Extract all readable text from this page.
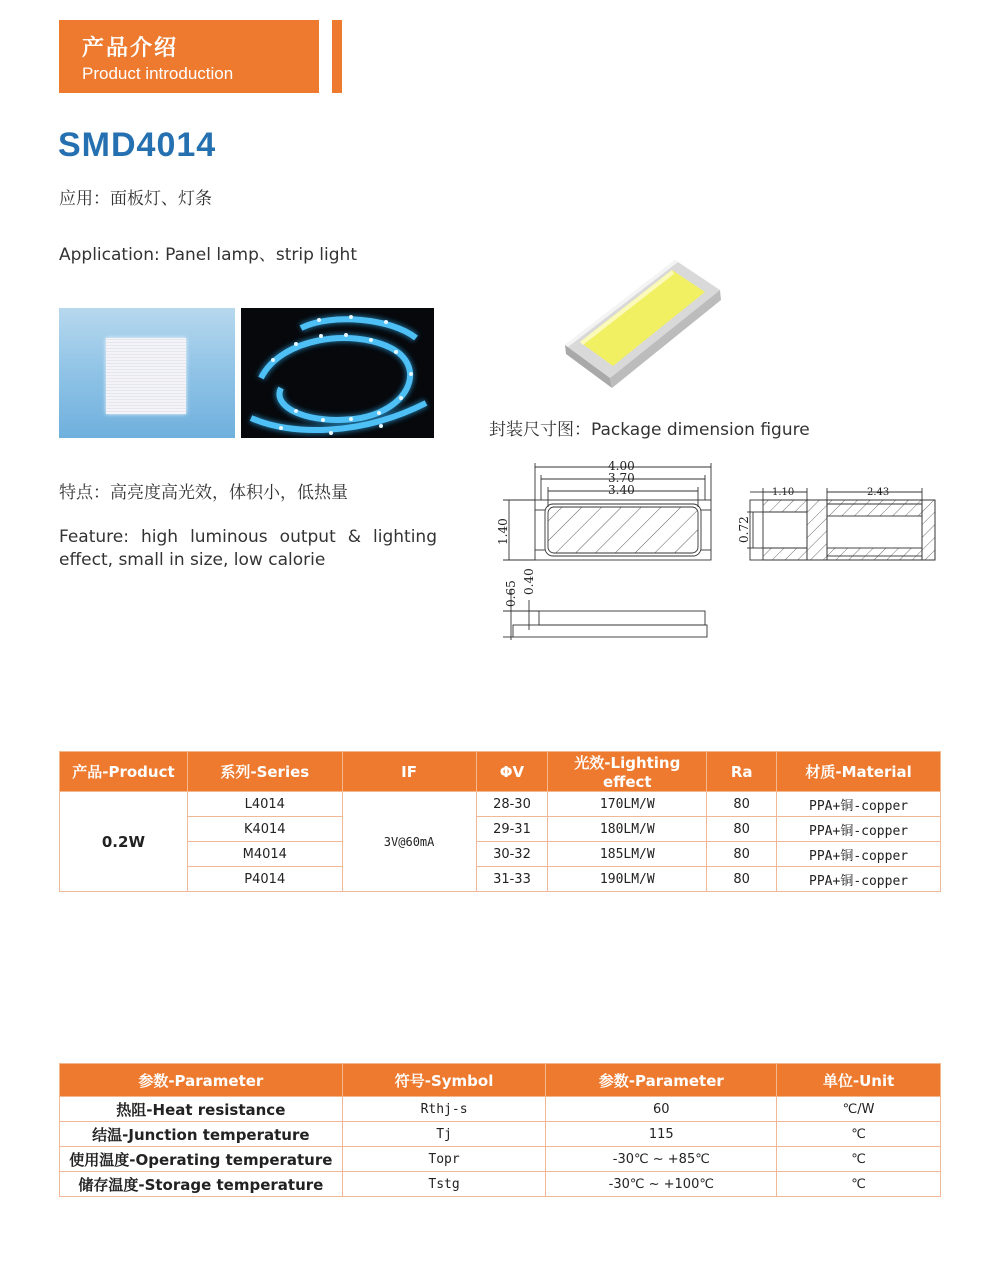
产品介绍
Product introduction
SMD4014
应用：面板灯、灯条
Application: Panel lamp、strip light
特点：高亮度高光效，体积小，低热量
Feature: high luminous output & lighting effect, small in size, low calorie
封装尺寸图：Package dimension figure
4.00
3.70
3.40
1.40
0.65 0.40
1.10	2.43
0.72
产品-Product	系列-Series	IF	ΦV	光效-Lighting effect	Ra	材质-Material
0.2W	L4014	3V@60mA	28-30	170LM/W	80	PPA+铜-copper
	K4014		29-31	180LM/W	80	PPA+铜-copper
	M4014		30-32	185LM/W	80	PPA+铜-copper
	P4014		31-33	190LM/W	80	PPA+铜-copper
参数-Parameter	符号-Symbol	参数-Parameter	单位-Unit
热阻-Heat resistance	Rthj-s	60	℃/W
结温-Junction temperature	Tj	115	℃
使用温度-Operating temperature	Topr	-30℃ ~ +85℃	℃
储存温度-Storage temperature	Tstg	-30℃ ~ +100℃	℃
